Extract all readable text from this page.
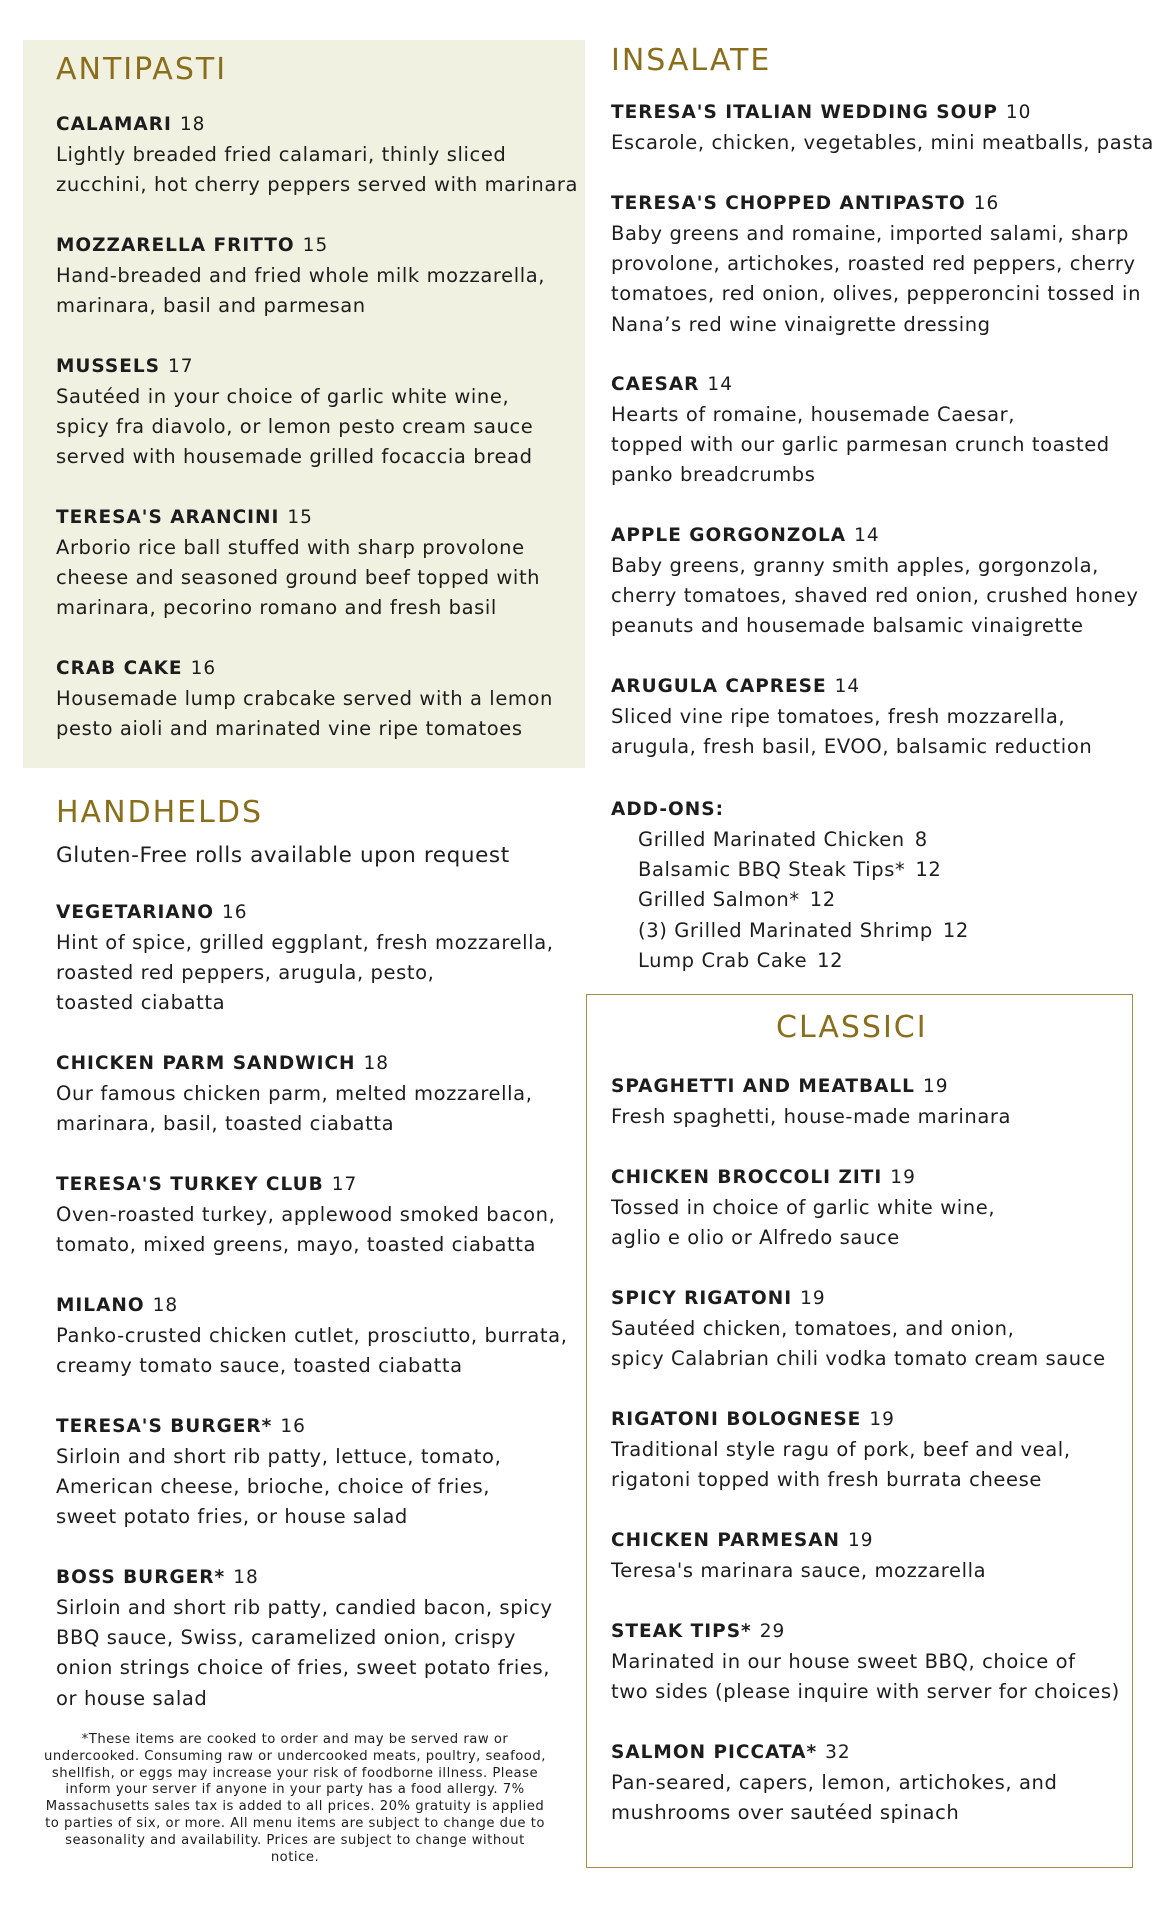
ANTIPASTI
CALAMARI 18
Lightly breaded fried calamari, thinly sliced
zucchini, hot cherry peppers served with marinara
MOZZARELLA FRITTO 15
Hand-breaded and fried whole milk mozzarella,
marinara, basil and parmesan
MUSSELS 17
Sautéed in your choice of garlic white wine,
spicy fra diavolo, or lemon pesto cream sauce
served with housemade grilled focaccia bread
TERESA'S ARANCINI 15
Arborio rice ball stuffed with sharp provolone
cheese and seasoned ground beef topped with
marinara, pecorino romano and fresh basil
CRAB CAKE 16
Housemade lump crabcake served with a lemon
pesto aioli and marinated vine ripe tomatoes
HANDHELDS

Gluten-Free rolls available upon request

VEGETARIANO 16
Hint of spice, grilled eggplant, fresh mozzarella,
roasted red peppers, arugula, pesto,
toasted ciabatta
CHICKEN PARM SANDWICH 18
Our famous chicken parm, melted mozzarella,
marinara, basil, toasted ciabatta
TERESA'S TURKEY CLUB 17
Oven-roasted turkey, applewood smoked bacon,
tomato, mixed greens, mayo, toasted ciabatta
MILANO 18
Panko-crusted chicken cutlet, prosciutto, burrata,
creamy tomato sauce, toasted ciabatta
TERESA'S BURGER* 16
Sirloin and short rib patty, lettuce, tomato,
American cheese, brioche, choice of fries,
sweet potato fries, or house salad
BOSS BURGER* 18
Sirloin and short rib patty, candied bacon, spicy
BBQ sauce, Swiss, caramelized onion, crispy
onion strings choice of fries, sweet potato fries,
or house salad
*These items are cooked to order and may be served raw or undercooked. Consuming raw or undercooked meats, poultry, seafood, shellfish, or eggs may increase your risk of foodborne illness. Please inform your server if anyone in your party has a food allergy. 7% Massachusetts sales tax is added to all prices. 20% gratuity is applied to parties of six, or more. All menu items are subject to change due to seasonality and availability. Prices are subject to change without notice.
INSALATE
TERESA'S ITALIAN WEDDING SOUP 10
Escarole, chicken, vegetables, mini meatballs, pasta
TERESA'S CHOPPED ANTIPASTO 16
Baby greens and romaine, imported salami, sharp
provolone, artichokes, roasted red peppers, cherry
tomatoes, red onion, olives, pepperoncini tossed in
Nana’s red wine vinaigrette dressing
CAESAR 14
Hearts of romaine, housemade Caesar,
topped with our garlic parmesan crunch toasted
panko breadcrumbs
APPLE GORGONZOLA 14
Baby greens, granny smith apples, gorgonzola,
cherry tomatoes, shaved red onion, crushed honey
peanuts and housemade balsamic vinaigrette
ARUGULA CAPRESE 14
Sliced vine ripe tomatoes, fresh mozzarella,
arugula, fresh basil, EVOO, balsamic reduction
ADD-ONS:
Grilled Marinated Chicken 8
Balsamic BBQ Steak Tips* 12
Grilled Salmon* 12
(3) Grilled Marinated Shrimp 12
Lump Crab Cake 12
CLASSICI
SPAGHETTI AND MEATBALL 19
Fresh spaghetti, house-made marinara
CHICKEN BROCCOLI ZITI 19
Tossed in choice of garlic white wine,
aglio e olio or Alfredo sauce
SPICY RIGATONI 19
Sautéed chicken, tomatoes, and onion,
spicy Calabrian chili vodka tomato cream sauce
RIGATONI BOLOGNESE 19
Traditional style ragu of pork, beef and veal,
rigatoni topped with fresh burrata cheese
CHICKEN PARMESAN 19
Teresa's marinara sauce, mozzarella
STEAK TIPS* 29
Marinated in our house sweet BBQ, choice of
two sides (please inquire with server for choices)
SALMON PICCATA* 32
Pan-seared, capers, lemon, artichokes, and
mushrooms over sautéed spinach
